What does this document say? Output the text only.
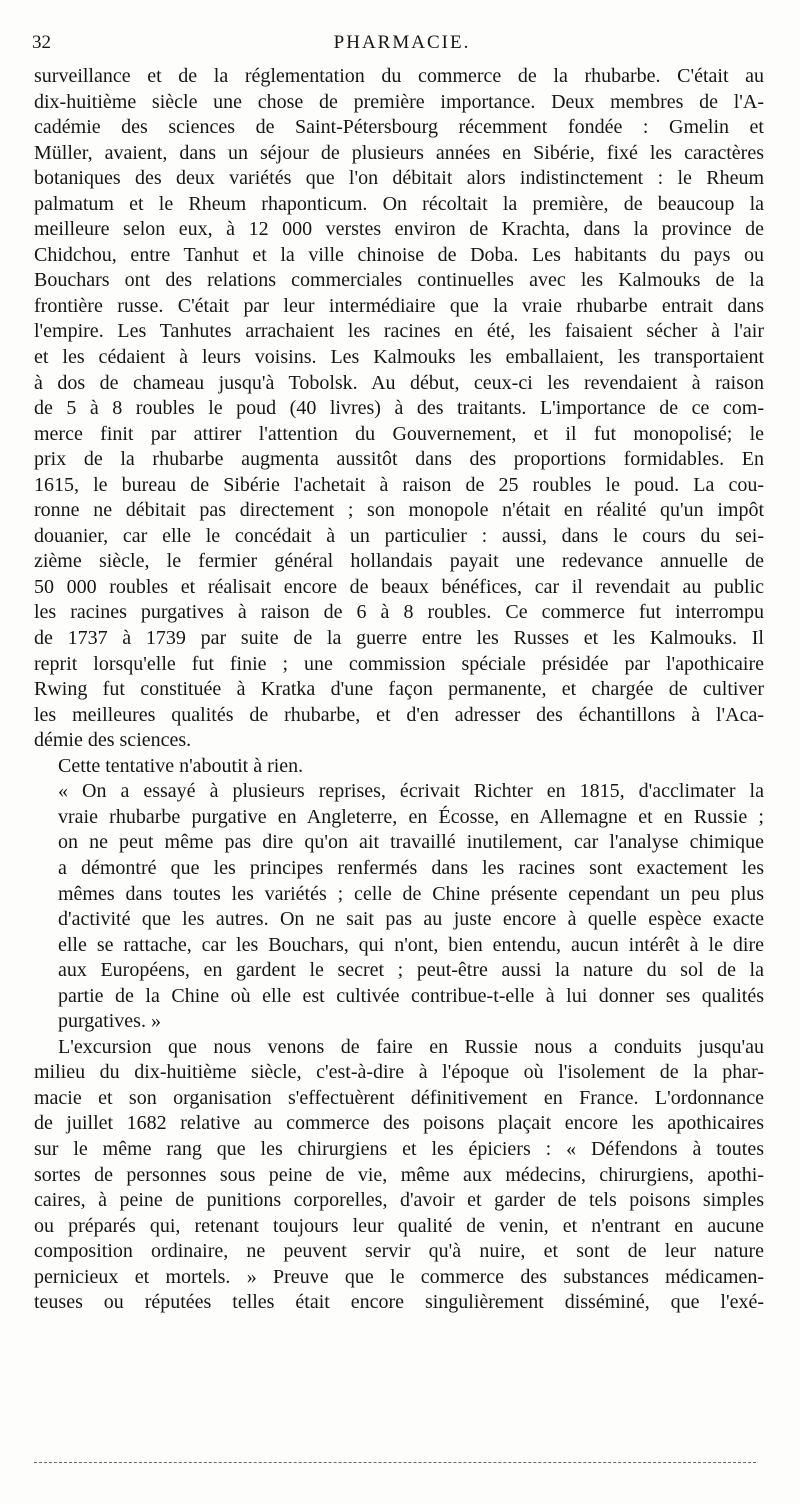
32	PHARMACIE.
surveillance et de la réglementation du commerce de la rhubarbe. C'était au
dix-huitième siècle une chose de première importance. Deux membres de l'A-
cadémie des sciences de Saint-Pétersbourg récemment fondée : Gmelin et
Müller, avaient, dans un séjour de plusieurs années en Sibérie, fixé les caractères
botaniques des deux variétés que l'on débitait alors indistinctement : le Rheum
palmatum et le Rheum rhaponticum. On récoltait la première, de beaucoup la
meilleure selon eux, à 12 000 verstes environ de Krachta, dans la province de
Chidchou, entre Tanhut et la ville chinoise de Doba. Les habitants du pays ou
Bouchars ont des relations commerciales continuelles avec les Kalmouks de la
frontière russe. C'était par leur intermédiaire que la vraie rhubarbe entrait dans
l'empire. Les Tanhutes arrachaient les racines en été, les faisaient sécher à l'air
et les cédaient à leurs voisins. Les Kalmouks les emballaient, les transportaient
à dos de chameau jusqu'à Tobolsk. Au début, ceux-ci les revendaient à raison
de 5 à 8 roubles le poud (40 livres) à des traitants. L'importance de ce com-
merce finit par attirer l'attention du Gouvernement, et il fut monopolisé; le
prix de la rhubarbe augmenta aussitôt dans des proportions formidables. En
1615, le bureau de Sibérie l'achetait à raison de 25 roubles le poud. La cou-
ronne ne débitait pas directement ; son monopole n'était en réalité qu'un impôt
douanier, car elle le concédait à un particulier : aussi, dans le cours du sei-
zième siècle, le fermier général hollandais payait une redevance annuelle de
50 000 roubles et réalisait encore de beaux bénéfices, car il revendait au public
les racines purgatives à raison de 6 à 8 roubles. Ce commerce fut interrompu
de 1737 à 1739 par suite de la guerre entre les Russes et les Kalmouks. Il
reprit lorsqu'elle fut finie ; une commission spéciale présidée par l'apothicaire
Rwing fut constituée à Kratka d'une façon permanente, et chargée de cultiver
les meilleures qualités de rhubarbe, et d'en adresser des échantillons à l'Aca-
démie des sciences.
Cette tentative n'aboutit à rien.
« On a essayé à plusieurs reprises, écrivait Richter en 1815, d'acclimater la
vraie rhubarbe purgative en Angleterre, en Écosse, en Allemagne et en Russie ;
on ne peut même pas dire qu'on ait travaillé inutilement, car l'analyse chimique
a démontré que les principes renfermés dans les racines sont exactement les
mêmes dans toutes les variétés ; celle de Chine présente cependant un peu plus
d'activité que les autres. On ne sait pas au juste encore à quelle espèce exacte
elle se rattache, car les Bouchars, qui n'ont, bien entendu, aucun intérêt à le dire
aux Européens, en gardent le secret ; peut-être aussi la nature du sol de la
partie de la Chine où elle est cultivée contribue-t-elle à lui donner ses qualités
purgatives. »
L'excursion que nous venons de faire en Russie nous a conduits jusqu'au
milieu du dix-huitième siècle, c'est-à-dire à l'époque où l'isolement de la phar-
macie et son organisation s'effectuèrent définitivement en France. L'ordonnance
de juillet 1682 relative au commerce des poisons plaçait encore les apothicaires
sur le même rang que les chirurgiens et les épiciers : « Défendons à toutes
sortes de personnes sous peine de vie, même aux médecins, chirurgiens, apothi-
caires, à peine de punitions corporelles, d'avoir et garder de tels poisons simples
ou préparés qui, retenant toujours leur qualité de venin, et n'entrant en aucune
composition ordinaire, ne peuvent servir qu'à nuire, et sont de leur nature
pernicieux et mortels. » Preuve que le commerce des substances médicamen-
teuses ou réputées telles était encore singulièrement disséminé, que l'exé-
